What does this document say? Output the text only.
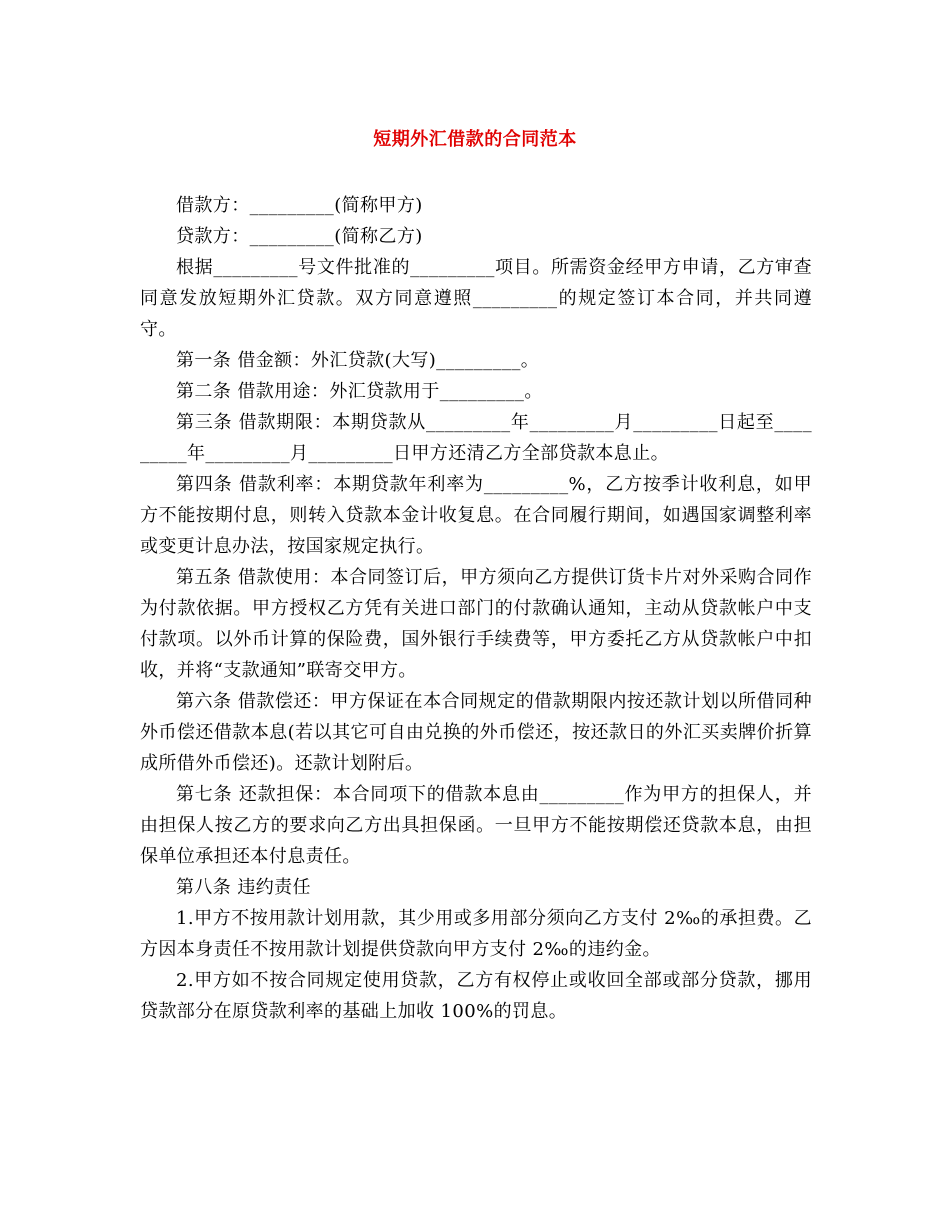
短期外汇借款的合同范本

借款方：_________(简称甲方)

贷款方：_________(简称乙方)

根据_________号文件批准的_________项目。所需资金经甲方申请，乙方审查同意发放短期外汇贷款。双方同意遵照_________的规定签订本合同，并共同遵守。

第一条 借金额：外汇贷款(大写)_________。

第二条 借款用途：外汇贷款用于_________。

第三条 借款期限：本期贷款从_________年_________月_________日起至_________年_________月_________日甲方还清乙方全部贷款本息止。

第四条 借款利率：本期贷款年利率为_________%，乙方按季计收利息，如甲方不能按期付息，则转入贷款本金计收复息。在合同履行期间，如遇国家调整利率或变更计息办法，按国家规定执行。

第五条 借款使用：本合同签订后，甲方须向乙方提供订货卡片对外采购合同作为付款依据。甲方授权乙方凭有关进口部门的付款确认通知，主动从贷款帐户中支付款项。以外币计算的保险费，国外银行手续费等，甲方委托乙方从贷款帐户中扣收，并将“支款通知”联寄交甲方。

第六条 借款偿还：甲方保证在本合同规定的借款期限内按还款计划以所借同种外币偿还借款本息(若以其它可自由兑换的外币偿还，按还款日的外汇买卖牌价折算成所借外币偿还)。还款计划附后。

第七条 还款担保：本合同项下的借款本息由_________作为甲方的担保人，并由担保人按乙方的要求向乙方出具担保函。一旦甲方不能按期偿还贷款本息，由担保单位承担还本付息责任。

第八条 违约责任

1.甲方不按用款计划用款，其少用或多用部分须向乙方支付 2‰的承担费。乙方因本身责任不按用款计划提供贷款向甲方支付 2‰的违约金。

2.甲方如不按合同规定使用贷款，乙方有权停止或收回全部或部分贷款，挪用贷款部分在原贷款利率的基础上加收 100%的罚息。
